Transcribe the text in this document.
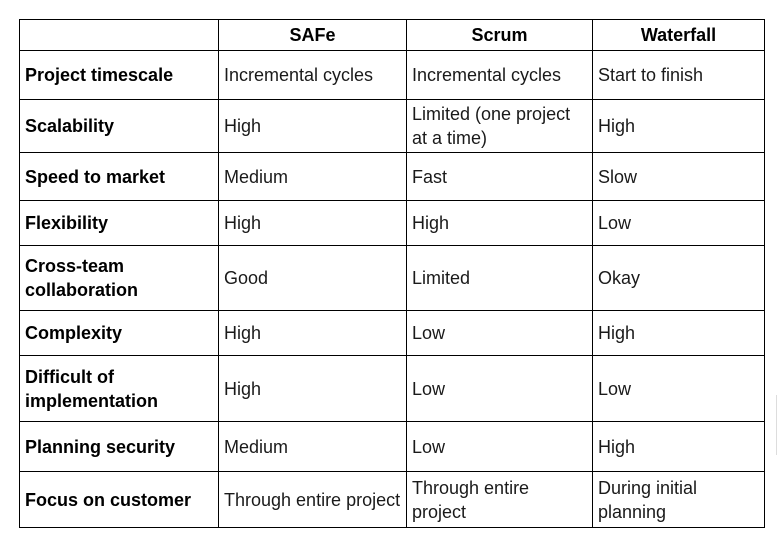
	SAFe	Scrum	Waterfall
Project timescale	Incremental cycles	Incremental cycles	Start to finish
Scalability	High	Limited (one project at a time)	High
Speed to market	Medium	Fast	Slow
Flexibility	High	High	Low
Cross-team collaboration	Good	Limited	Okay
Complexity	High	Low	High
Difficult of implementation	High	Low	Low
Planning security	Medium	Low	High
Focus on customer	Through entire project	Through entire project	During initial planning
